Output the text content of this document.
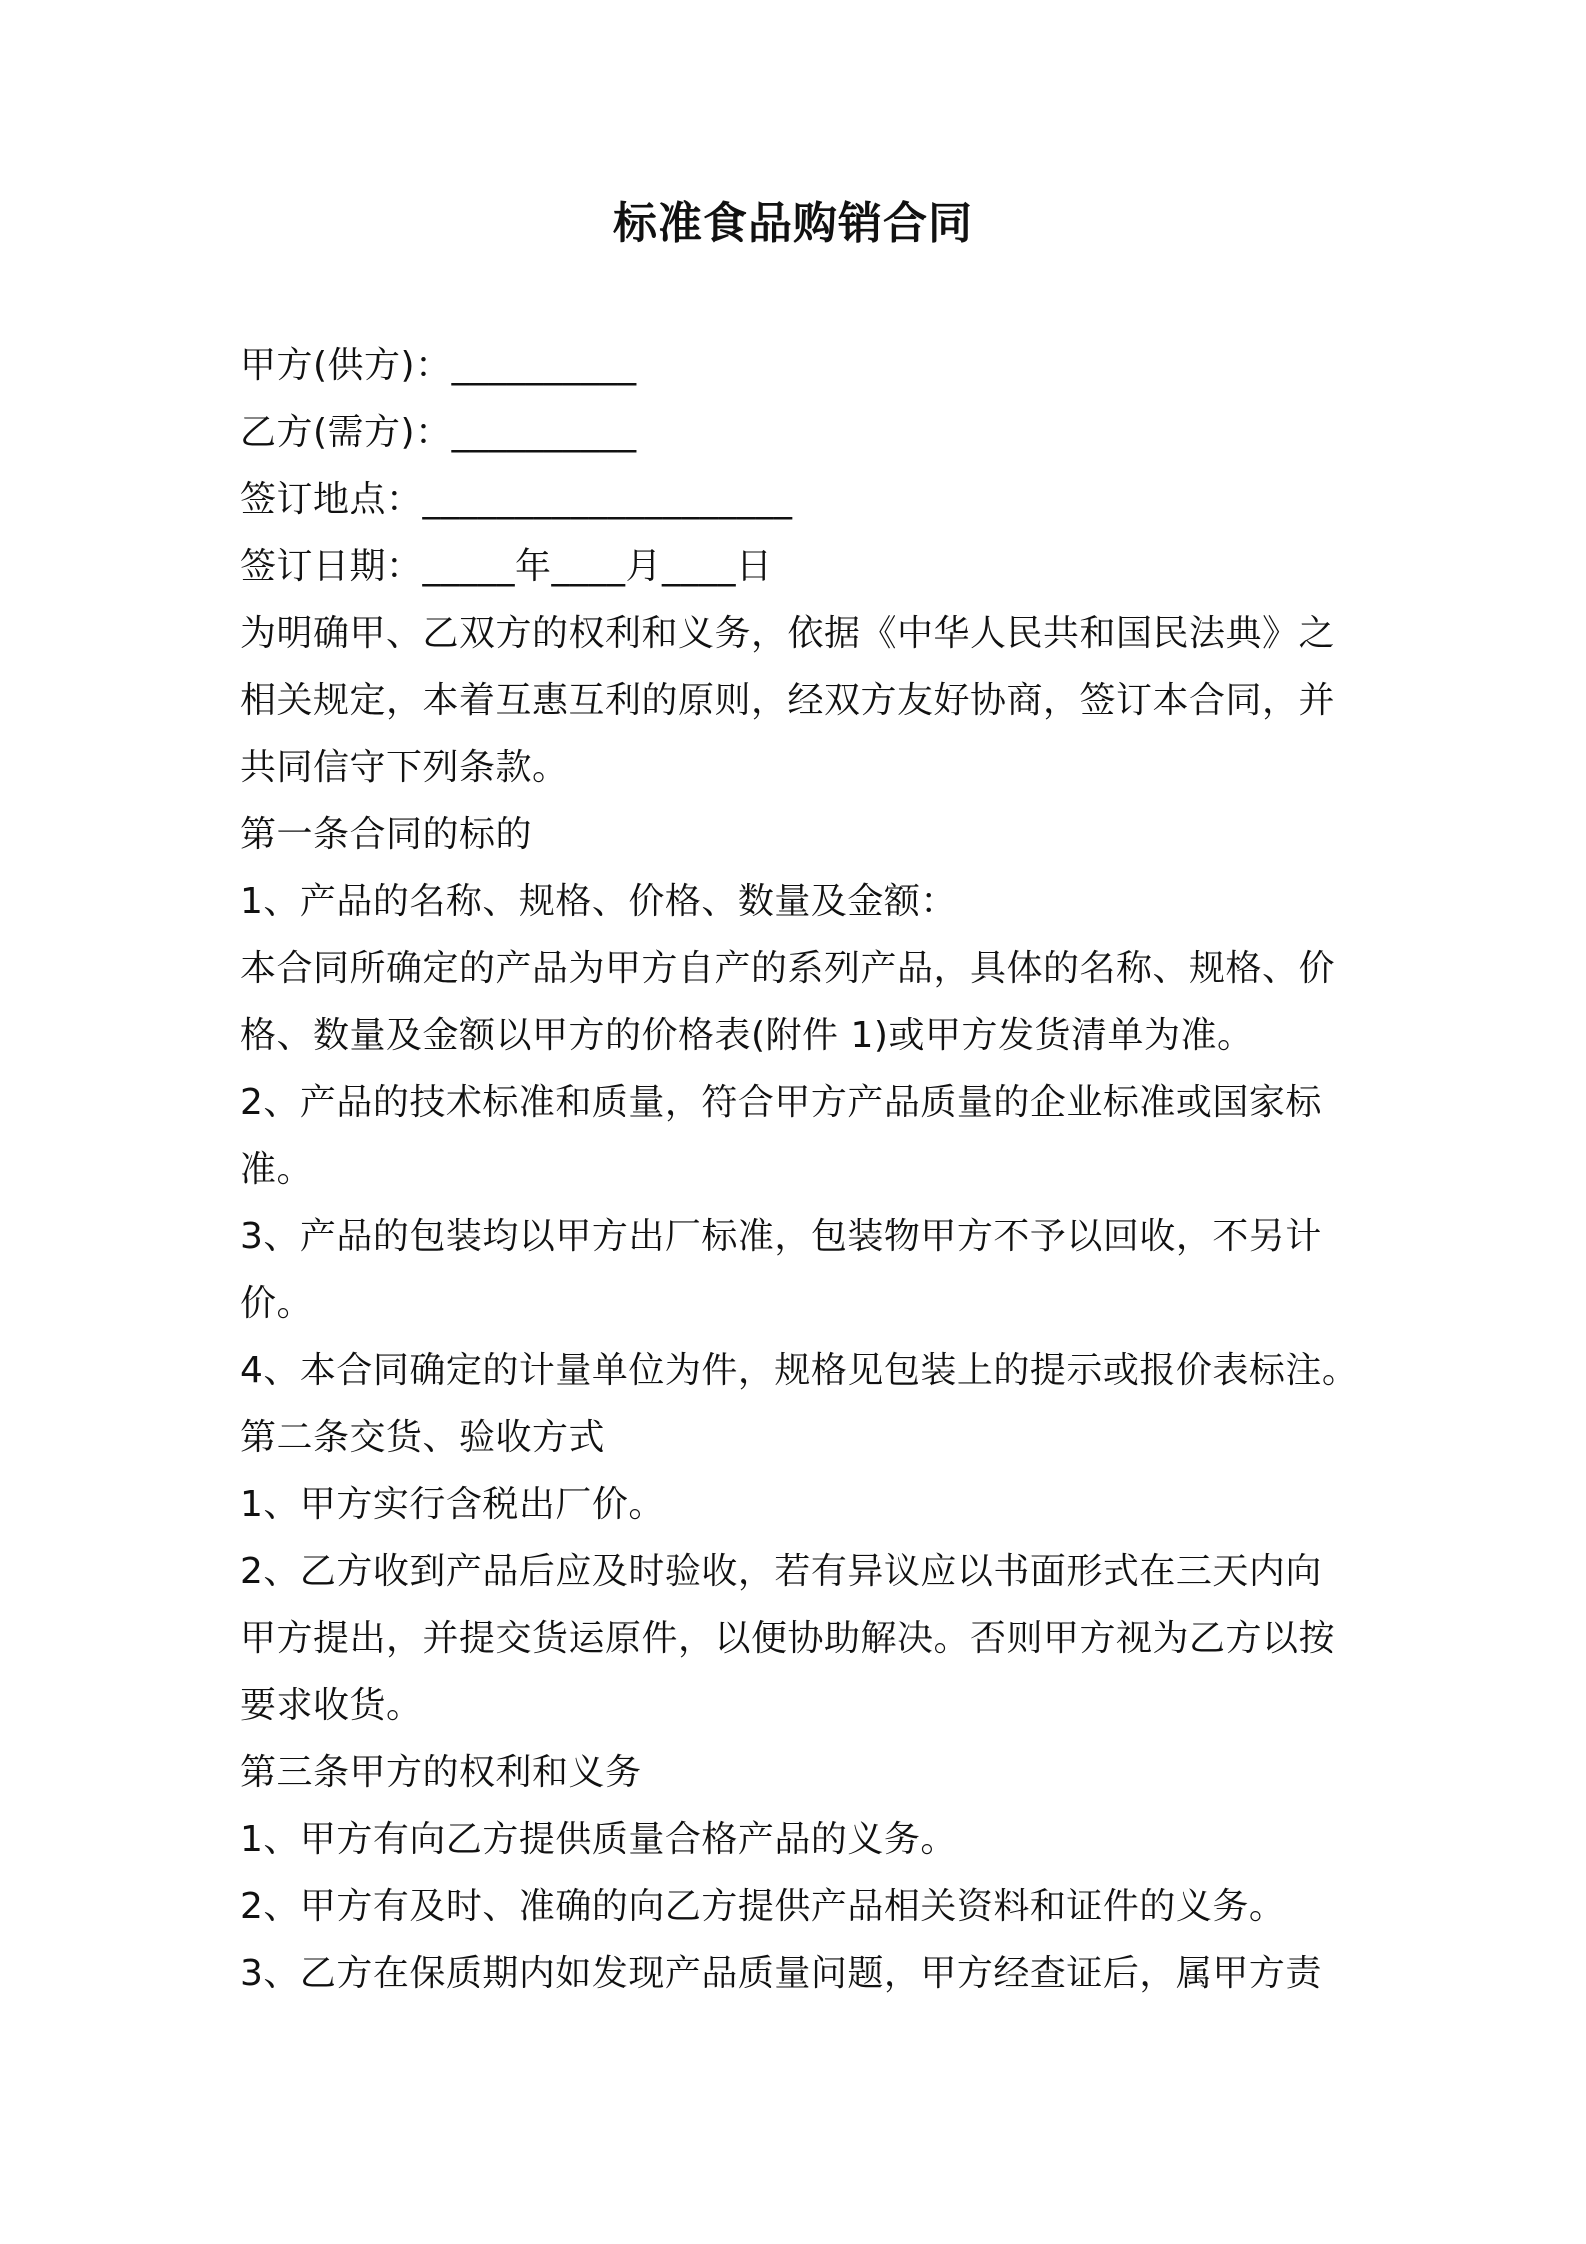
标准食品购销合同
甲方(供方)：__________
乙方(需方)：__________
签订地点：____________________
签订日期：_____年____月____日
为明确甲、乙双方的权利和义务，依据《中华人民共和国民法典》之
相关规定，本着互惠互利的原则，经双方友好协商，签订本合同，并
共同信守下列条款。
第一条合同的标的
1、产品的名称、规格、价格、数量及金额：
本合同所确定的产品为甲方自产的系列产品，具体的名称、规格、价
格、数量及金额以甲方的价格表(附件 1)或甲方发货清单为准。
2、产品的技术标准和质量，符合甲方产品质量的企业标准或国家标
准。
3、产品的包装均以甲方出厂标准，包装物甲方不予以回收，不另计
价。
4、本合同确定的计量单位为件，规格见包装上的提示或报价表标注。
第二条交货、验收方式
1、甲方实行含税出厂价。
2、乙方收到产品后应及时验收，若有异议应以书面形式在三天内向
甲方提出，并提交货运原件，以便协助解决。否则甲方视为乙方以按
要求收货。
第三条甲方的权利和义务
1、甲方有向乙方提供质量合格产品的义务。
2、甲方有及时、准确的向乙方提供产品相关资料和证件的义务。
3、乙方在保质期内如发现产品质量问题，甲方经查证后，属甲方责
